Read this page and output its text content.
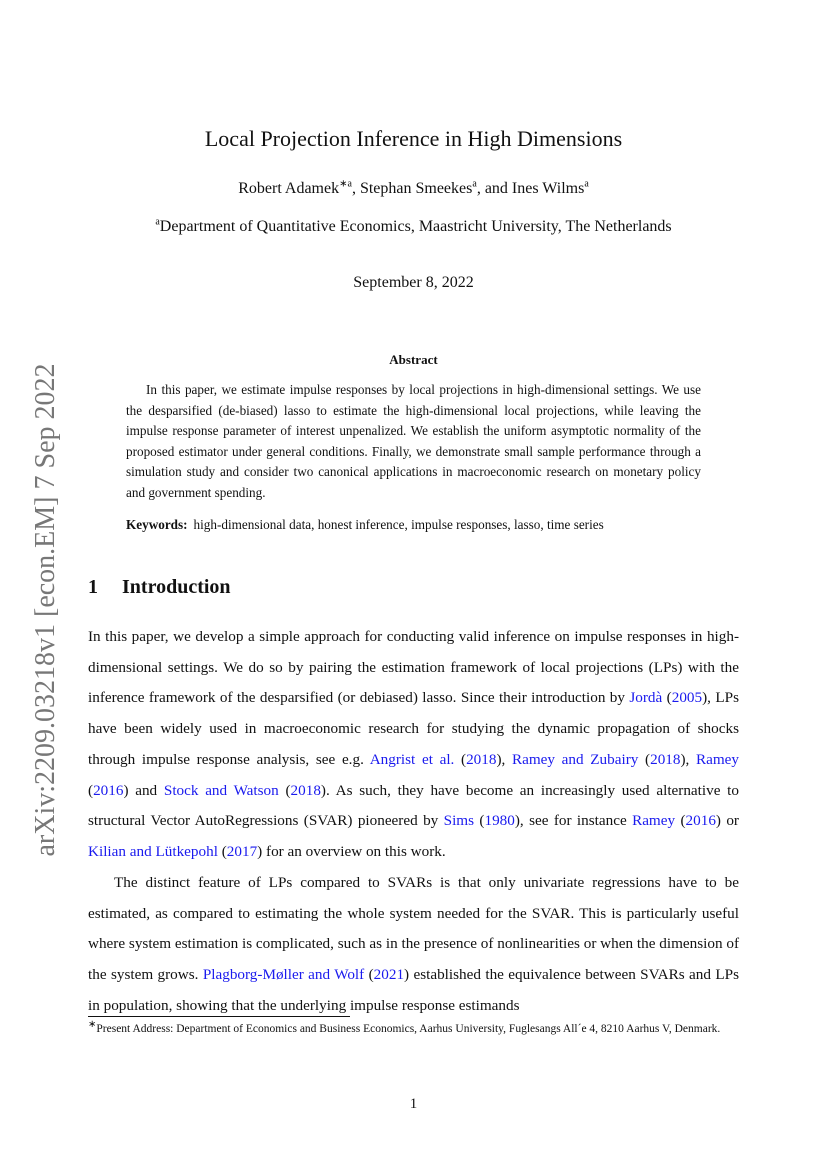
arXiv:2209.03218v1 [econ.EM] 7 Sep 2022
Local Projection Inference in High Dimensions
Robert Adamek$^{∗a}$, Stephan Smeekes$^a$, and Ines Wilms$^a$
$^a$Department of Quantitative Economics, Maastricht University, The Netherlands
September 8, 2022
Abstract
In this paper, we estimate impulse responses by local projections in high-dimensional settings. We use the desparsified (de-biased) lasso to estimate the high-dimensional local projections, while leaving the impulse response parameter of interest unpenalized. We establish the uniform asymptotic normality of the proposed estimator under general conditions. Finally, we demonstrate small sample performance through a simulation study and consider two canonical applications in macroeconomic research on monetary policy and government spending.
Keywords: high-dimensional data, honest inference, impulse responses, lasso, time series
1 Introduction
In this paper, we develop a simple approach for conducting valid inference on impulse responses in high-dimensional settings. We do so by pairing the estimation framework of local projections (LPs) with the inference framework of the desparsified (or debiased) lasso. Since their introduction by Jordà (2005), LPs have been widely used in macroeconomic research for studying the dynamic propagation of shocks through impulse response analysis, see e.g. Angrist et al. (2018), Ramey and Zubairy (2018), Ramey (2016) and Stock and Watson (2018). As such, they have become an increasingly used alternative to structural Vector AutoRegressions (SVAR) pioneered by Sims (1980), see for instance Ramey (2016) or Kilian and Lütkepohl (2017) for an overview on this work.
The distinct feature of LPs compared to SVARs is that only univariate regressions have to be estimated, as compared to estimating the whole system needed for the SVAR. This is particularly useful where system estimation is complicated, such as in the presence of nonlinearities or when the dimension of the system grows. Plagborg-Møller and Wolf (2021) established the equivalence between SVARs and LPs in population, showing that the underlying impulse response estimands
∗Present Address: Department of Economics and Business Economics, Aarhus University, Fuglesangs All´e 4, 8210 Aarhus V, Denmark.
1
